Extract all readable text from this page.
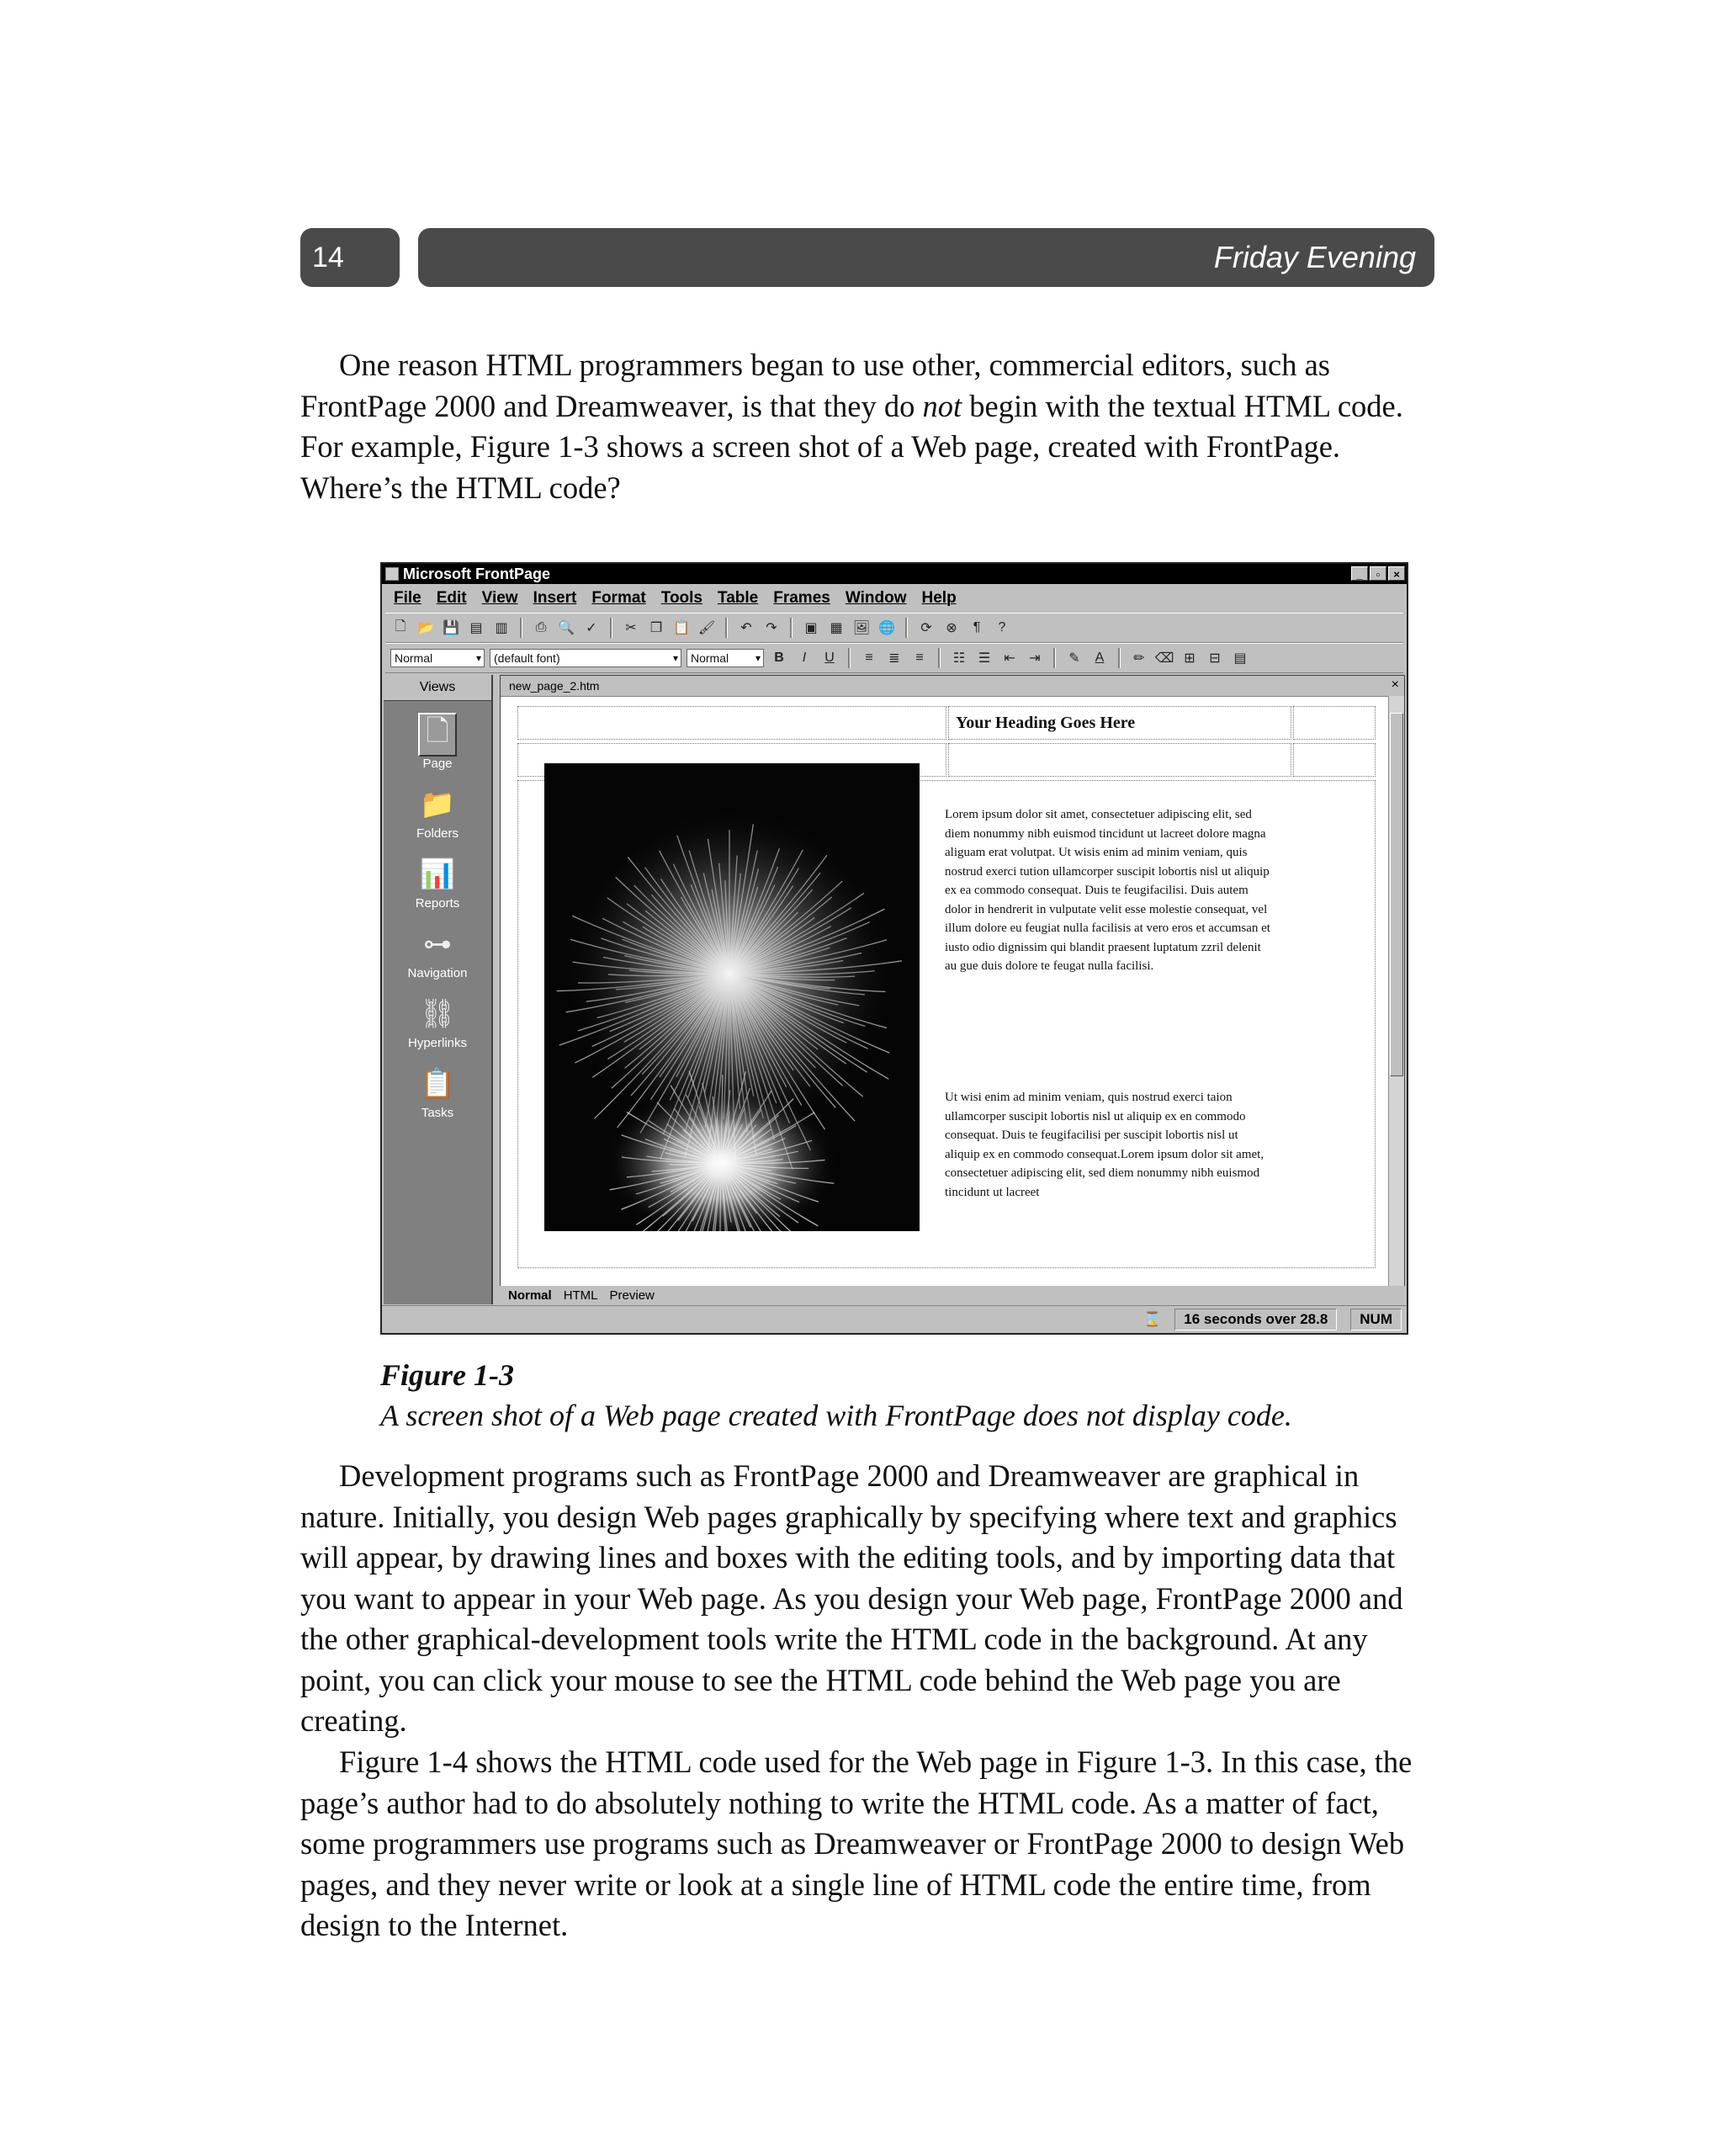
14	Friday Evening

One reason HTML programmers began to use other, commercial editors, such as FrontPage 2000 and Dreamweaver, is that they do not begin with the textual HTML code. For example, Figure 1-3 shows a screen shot of a Web page, created with FrontPage. Where’s the HTML code?

Microsoft FrontPage	_	▫	×
File Edit View Insert Format Tools Table Frames Window Help
🗋 📂 💾 ▤ ▥	⎙ 🔍 ✓	✂	❐ 📋 🖌	↶	↷	▣ ▦ 🖼 🌐	⟳	⊗	¶	?
Normal ▾	(default font) ▾	Normal ▾	B	I	U	≡	≣	≡	☷ ☰	⇤	⇥	✎	A	✏ ⌫ ⊞	⊟ ▤
Views
🗋
Page
📁
Folders
📊
Reports
⊶
Navigation
⛓
Hyperlinks
📋
Tasks
new_page_2.htm	×
Your Heading Goes Here
Lorem ipsum dolor sit amet, consectetuer adipiscing elit, sed diem nonummy nibh euismod tincidunt ut lacreet dolore magna aliguam erat volutpat. Ut wisis enim ad minim veniam, quis nostrud exerci tution ullamcorper suscipit lobortis nisl ut aliquip ex ea commodo consequat. Duis te feugifacilisi. Duis autem dolor in hendrerit in vulputate velit esse molestie consequat, vel illum dolore eu feugiat nulla facilisis at vero eros et accumsan et iusto odio dignissim qui blandit praesent luptatum zzril delenit au gue duis dolore te feugat nulla facilisi.
Ut wisi enim ad minim veniam, quis nostrud exerci taion ullamcorper suscipit lobortis nisl ut aliquip ex en commodo consequat. Duis te feugifacilisi per suscipit lobortis nisl ut aliquip ex en commodo consequat.Lorem ipsum dolor sit amet, consectetuer adipiscing elit, sed diem nonummy nibh euismod tincidunt ut lacreet
Normal HTML Preview
⌛	16 seconds over 28.8	NUM
Figure 1-3
A screen shot of a Web page created with FrontPage does not display code.

Development programs such as FrontPage 2000 and Dreamweaver are graphical in nature. Initially, you design Web pages graphically by specifying where text and graphics will appear, by drawing lines and boxes with the editing tools, and by importing data that you want to appear in your Web page. As you design your Web page, FrontPage 2000 and the other graphical-development tools write the HTML code in the background. At any point, you can click your mouse to see the HTML code behind the Web page you are creating.

Figure 1-4 shows the HTML code used for the Web page in Figure 1-3. In this case, the page’s author had to do absolutely nothing to write the HTML code. As a matter of fact, some programmers use programs such as Dreamweaver or FrontPage 2000 to design Web pages, and they never write or look at a single line of HTML code the entire time, from design to the Internet.
